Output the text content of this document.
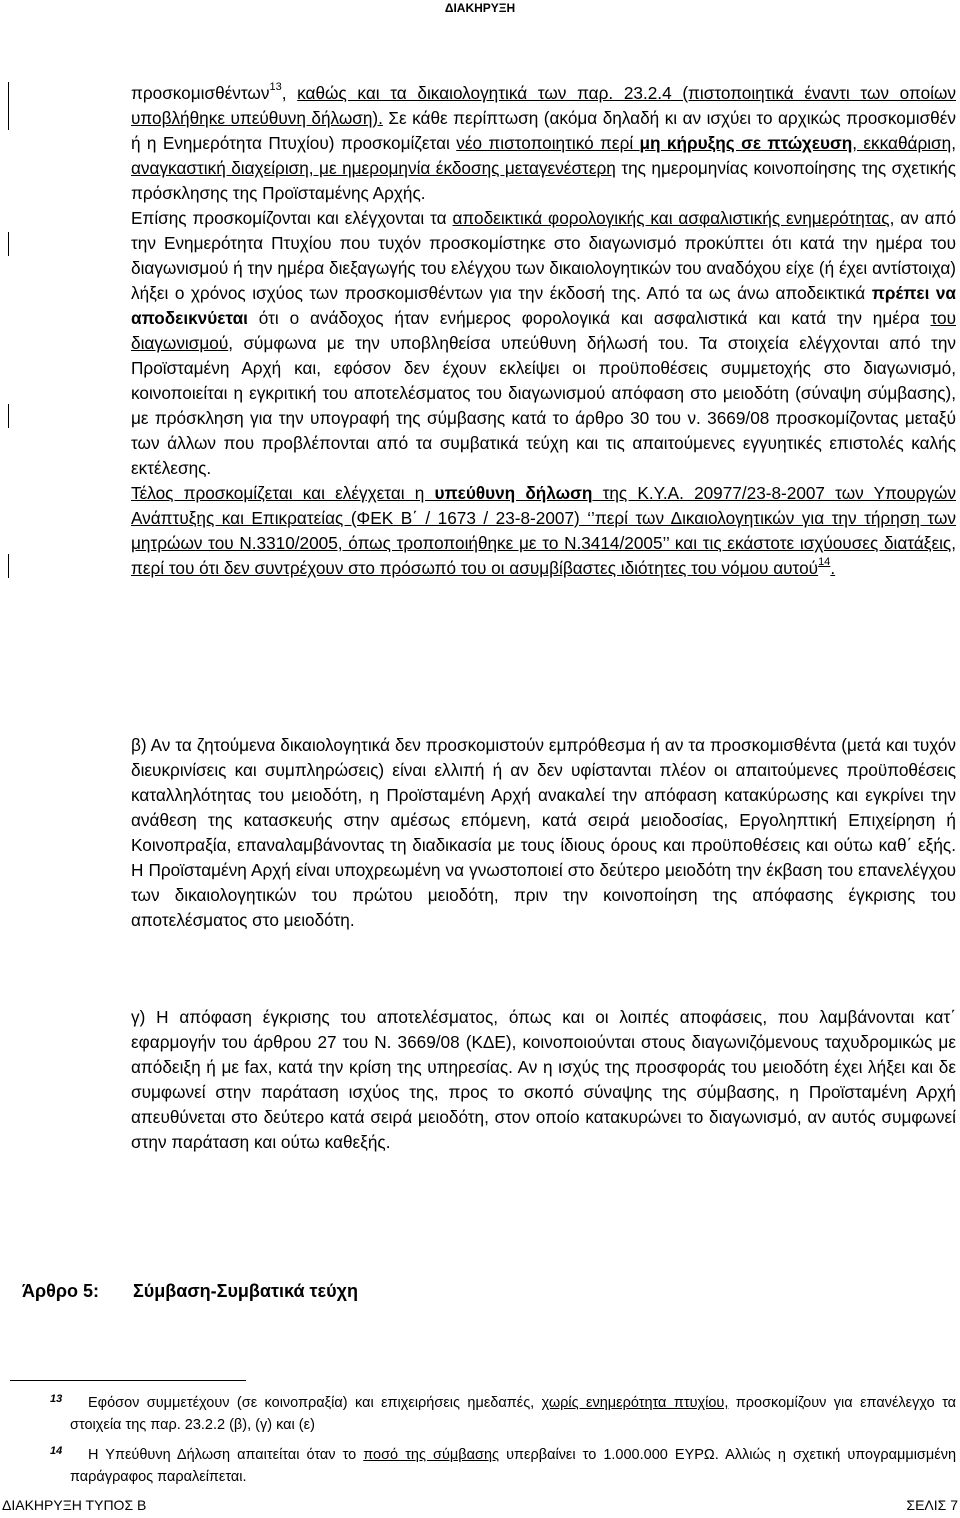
ΔΙΑΚΗΡΥΞΗ

προσκομισθέντων$^{13}$, καθώς και τα δικαιολογητικά των παρ. 23.2.4 (πιστοποιητικά έναντι των οποίων υποβλήθηκε υπεύθυνη δήλωση). Σε κάθε περίπτωση (ακόμα δηλαδή κι αν ισχύει το αρχικώς προσκομισθέν ή η Ενημερότητα Πτυχίου) προσκομίζεται νέο πιστοποιητικό περί μη κήρυξης σε πτώχευση, εκκαθάριση, αναγκαστική διαχείριση, με ημερομηνία έκδοσης μεταγενέστερη της ημερομηνίας κοινοποίησης της σχετικής πρόσκλησης της Προϊσταμένης Αρχής.
Επίσης προσκομίζονται και ελέγχονται τα αποδεικτικά φορολογικής και ασφαλιστικής ενημερότητας, αν από την Ενημερότητα Πτυχίου που τυχόν προσκομίστηκε στο διαγωνισμό προκύπτει ότι κατά την ημέρα του διαγωνισμού ή την ημέρα διεξαγωγής του ελέγχου των δικαιολογητικών του αναδόχου είχε (ή έχει αντίστοιχα) λήξει ο χρόνος ισχύος των προσκομισθέντων για την έκδοσή της. Από τα ως άνω αποδεικτικά πρέπει να αποδεικνύεται ότι ο ανάδοχος ήταν ενήμερος φορολογικά και ασφαλιστικά και κατά την ημέρα του διαγωνισμού, σύμφωνα με την υποβληθείσα υπεύθυνη δήλωσή του. Τα στοιχεία ελέγχονται από την Προϊσταμένη Αρχή και, εφόσον δεν έχουν εκλείψει οι προϋποθέσεις συμμετοχής στο διαγωνισμό, κοινοποιείται η εγκριτική του αποτελέσματος του διαγωνισμού απόφαση στο μειοδότη (σύναψη σύμβασης), με πρόσκληση για την υπογραφή της σύμβασης κατά το άρθρο 30 του ν. 3669/08 προσκομίζοντας μεταξύ των άλλων που προβλέπονται από τα συμβατικά τεύχη και τις απαιτούμενες εγγυητικές επιστολές καλής εκτέλεσης.
Τέλος προσκομίζεται και ελέγχεται η υπεύθυνη δήλωση της Κ.Υ.Α. 20977/23-8-2007 των Υπουργών Ανάπτυξης και Επικρατείας (ΦΕΚ Β΄ / 1673 / 23-8-2007) ‘’περί των Δικαιολογητικών για την τήρηση των μητρώων του Ν.3310/2005, όπως τροποποιήθηκε με το Ν.3414/2005’’ και τις εκάστοτε ισχύουσες διατάξεις, περί του ότι δεν συντρέχουν στο πρόσωπό του οι ασυμβίβαστες ιδιότητες του νόμου αυτού$^{14}$.

β) Αν τα ζητούμενα δικαιολογητικά δεν προσκομιστούν εμπρόθεσμα ή αν τα προσκομισθέντα (μετά και τυχόν διευκρινίσεις και συμπληρώσεις) είναι ελλιπή ή αν δεν υφίστανται πλέον οι απαιτούμενες προϋποθέσεις καταλληλότητας του μειοδότη, η Προϊσταμένη Αρχή ανακαλεί την απόφαση κατακύρωσης και εγκρίνει την ανάθεση της κατασκευής στην αμέσως επόμενη, κατά σειρά μειοδοσίας, Εργοληπτική Επιχείρηση ή Κοινοπραξία, επαναλαμβάνοντας τη διαδικασία με τους ίδιους όρους και προϋποθέσεις και ούτω καθ΄ εξής. Η Προϊσταμένη Αρχή είναι υποχρεωμένη να γνωστοποιεί στο δεύτερο μειοδότη την έκβαση του επανελέγχου των δικαιολογητικών του πρώτου μειοδότη, πριν την κοινοποίηση της απόφασης έγκρισης του αποτελέσματος στο μειοδότη.

γ) Η απόφαση έγκρισης του αποτελέσματος, όπως και οι λοιπές αποφάσεις, που λαμβάνονται κατ΄ εφαρμογήν του άρθρου 27 του Ν. 3669/08 (ΚΔΕ), κοινοποιούνται στους διαγωνιζόμενους ταχυδρομικώς με απόδειξη ή με fax, κατά την κρίση της υπηρεσίας. Αν η ισχύς της προσφοράς του μειοδότη έχει λήξει και δε συμφωνεί στην παράταση ισχύος της, προς το σκοπό σύναψης της σύμβασης, η Προϊσταμένη Αρχή απευθύνεται στο δεύτερο κατά σειρά μειοδότη, στον οποίο κατακυρώνει το διαγωνισμό, αν αυτός συμφωνεί στην παράταση και ούτω καθεξής.

Άρθρο 5: Σύμβαση-Συμβατικά τεύχη
13	Εφόσον συμμετέχουν (σε κοινοπραξία) και επιχειρήσεις ημεδαπές, χωρίς ενημερότητα πτυχίου, προσκομίζουν για επανέλεγχο τα στοιχεία της παρ. 23.2.2 (β), (γ) και (ε)

14	Η Υπεύθυνη Δήλωση απαιτείται όταν το ποσό της σύμβασης υπερβαίνει το 1.000.000 ΕΥΡΩ. Αλλιώς η σχετική υπογραμμισμένη παράγραφος παραλείπεται.

ΔΙΑΚΗΡΥΞΗ ΤΥΠΟΣ Β	ΣΕΛΙΣ 7
